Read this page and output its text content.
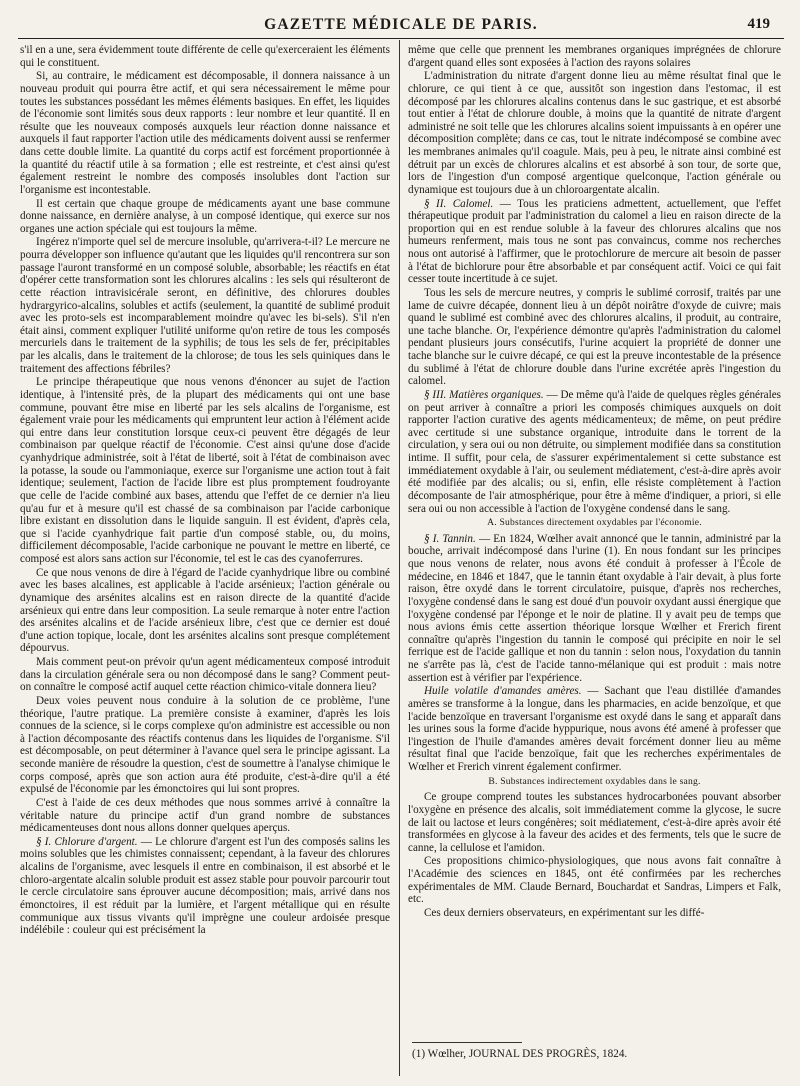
GAZETTE MÉDICALE DE PARIS.	419

s'il en a une, sera évidemment toute différente de celle qu'exerceraient les éléments qui le constituent.

Si, au contraire, le médicament est décomposable, il donnera naissance à un nouveau produit qui pourra être actif, et qui sera nécessairement le même pour toutes les substances possédant les mêmes éléments basiques. En effet, les liquides de l'économie sont limités sous deux rapports : leur nombre et leur quantité. Il en résulte que les nouveaux composés auxquels leur réaction donne naissance et auxquels il faut rapporter l'action utile des médicaments doivent aussi se renfermer dans cette double limite. La quantité du corps actif est forcément proportionnée à la quantité du réactif utile à sa formation ; elle est restreinte, et c'est ainsi qu'est également restreint le nombre des composés insolubles dont l'action sur l'organisme est incontestable.

Il est certain que chaque groupe de médicaments ayant une base commune donne naissance, en dernière analyse, à un composé identique, qui exerce sur nos organes une action spéciale qui est toujours la même.

Ingérez n'importe quel sel de mercure insoluble, qu'arrivera-t-il? Le mercure ne pourra développer son influence qu'autant que les liquides qu'il rencontrera sur son passage l'auront transformé en un composé soluble, absorbable; les réactifs en état d'opérer cette transformation sont les chlorures alcalins : les sels qui résulteront de cette réaction intravisicérale seront, en définitive, des chlorures doubles hydrargyrico-alcalins, solubles et actifs (seulement, la quantité de sublimé produit avec les proto-sels est incomparablement moindre qu'avec les bi-sels). S'il n'en était ainsi, comment expliquer l'utilité uniforme qu'on retire de tous les composés mercuriels dans le traitement de la syphilis; de tous les sels de fer, précipitables par les alcalis, dans le traitement de la chlorose; de tous les sels quiniques dans le traitement des affections fébriles?

Le principe thérapeutique que nous venons d'énoncer au sujet de l'action identique, à l'intensité près, de la plupart des médicaments qui ont une base commune, pouvant être mise en liberté par les sels alcalins de l'organisme, est également vraie pour les médicaments qui empruntent leur action à l'élément acide qui entre dans leur constitution lorsque ceux-ci peuvent être dégagés de leur combinaison par quelque réactif de l'économie. C'est ainsi qu'une dose d'acide cyanhydrique administrée, soit à l'état de liberté, soit à l'état de combinaison avec la potasse, la soude ou l'ammoniaque, exerce sur l'organisme une action tout à fait identique; seulement, l'action de l'acide libre est plus promptement foudroyante que celle de l'acide combiné aux bases, attendu que l'effet de ce dernier n'a lieu qu'au fur et à mesure qu'il est chassé de sa combinaison par l'acide carbonique libre existant en dissolution dans le liquide sanguin. Il est évident, d'après cela, que si l'acide cyanhydrique fait partie d'un composé stable, ou, du moins, difficilement décomposable, l'acide carbonique ne pouvant le mettre en liberté, ce composé est alors sans action sur l'économie, tel est le cas des cyanoferrures.

Ce que nous venons de dire à l'égard de l'acide cyanhydrique libre ou combiné avec les bases alcalines, est applicable à l'acide arsénieux; l'action générale ou dynamique des arsénites alcalins est en raison directe de la quantité d'acide arsénieux qui entre dans leur composition. La seule remarque à noter entre l'action des arsénites alcalins et de l'acide arsénieux libre, c'est que ce dernier est doué d'une action topique, locale, dont les arsénites alcalins sont presque complétement dépourvus.

Mais comment peut-on prévoir qu'un agent médicamenteux composé introduit dans la circulation générale sera ou non décomposé dans le sang? Comment peut-on connaître le composé actif auquel cette réaction chimico-vitale donnera lieu?

Deux voies peuvent nous conduire à la solution de ce problème, l'une théorique, l'autre pratique. La première consiste à examiner, d'après les lois connues de la science, si le corps complexe qu'on administre est accessible ou non à l'action décomposante des réactifs contenus dans les liquides de l'organisme. S'il est décomposable, on peut déterminer à l'avance quel sera le principe agissant. La seconde manière de résoudre la question, c'est de soumettre à l'analyse chimique le corps composé, après que son action aura été produite, c'est-à-dire qu'il a été expulsé de l'économie par les émonctoires qui lui sont propres.

C'est à l'aide de ces deux méthodes que nous sommes arrivé à connaître la véritable nature du principe actif d'un grand nombre de substances médicamenteuses dont nous allons donner quelques aperçus.

§ I. Chlorure d'argent. — Le chlorure d'argent est l'un des composés salins les moins solubles que les chimistes connaissent; cependant, à la faveur des chlorures alcalins de l'organisme, avec lesquels il entre en combinaison, il est absorbé et le chloro-argentate alcalin soluble produit est assez stable pour pouvoir parcourir tout le cercle circulatoire sans éprouver aucune décomposition; mais, arrivé dans nos émonctoires, il est réduit par la lumière, et l'argent métallique qui en résulte communique aux tissus vivants qu'il imprègne une couleur ardoisée presque indélébile : couleur qui est précisément la

même que celle que prennent les membranes organiques imprégnées de chlorure d'argent quand elles sont exposées à l'action des rayons solaires

L'administration du nitrate d'argent donne lieu au même résultat final que le chlorure, ce qui tient à ce que, aussitôt son ingestion dans l'estomac, il est décomposé par les chlorures alcalins contenus dans le suc gastrique, et est absorbé tout entier à l'état de chlorure double, à moins que la quantité de nitrate d'argent administré ne soit telle que les chlorures alcalins soient impuissants à en opérer une décomposition complète; dans ce cas, tout le nitrate indécomposé se combine avec les membranes animales qu'il coagule. Mais, peu à peu, le nitrate ainsi combiné est détruit par un excès de chlorures alcalins et est absorbé à son tour, de sorte que, lors de l'ingestion d'un composé argentique quelconque, l'action générale ou dynamique est toujours due à un chloroargentate alcalin.

§ II. Calomel. — Tous les praticiens admettent, actuellement, que l'effet thérapeutique produit par l'administration du calomel a lieu en raison directe de la proportion qui en est rendue soluble à la faveur des chlorures alcalins que nos humeurs renferment, mais tous ne sont pas convaincus, comme nos recherches nous ont autorisé à l'affirmer, que le protochlorure de mercure ait besoin de passer à l'état de bichlorure pour être absorbable et par conséquent actif. Voici ce qui fait cesser toute incertitude à ce sujet.

Tous les sels de mercure neutres, y compris le sublimé corrosif, traités par une lame de cuivre décapée, donnent lieu à un dépôt noirâtre d'oxyde de cuivre; mais quand le sublimé est combiné avec des chlorures alcalins, il produit, au contraire, une tache blanche. Or, l'expérience démontre qu'après l'administration du calomel pendant plusieurs jours consécutifs, l'urine acquiert la propriété de donner une tache blanche sur le cuivre décapé, ce qui est la preuve incontestable de la présence du sublimé à l'état de chlorure double dans l'urine excrétée après l'ingestion du calomel.

§ III. Matières organiques. — De même qu'à l'aide de quelques règles générales on peut arriver à connaître a priori les composés chimiques auxquels on doit rapporter l'action curative des agents médicamenteux; de même, on peut prédire avec certitude si une substance organique, introduite dans le torrent de la circulation, y sera oui ou non détruite, ou simplement modifiée dans sa constitution intime. Il suffit, pour cela, de s'assurer expérimentalement si cette substance est immédiatement oxydable à l'air, ou seulement médiatement, c'est-à-dire après avoir été modifiée par des alcalis; ou si, enfin, elle résiste complètement à l'action décomposante de l'air atmosphérique, pour être à même d'indiquer, a priori, si elle sera oui ou non accessible à l'action de l'oxygène condensé dans le sang.

A. Substances directement oxydables par l'économie.

§ I. Tannin. — En 1824, Wœlher avait annoncé que le tannin, administré par la bouche, arrivait indécomposé dans l'urine (1). En nous fondant sur les principes que nous venons de relater, nous avons été conduit à professer à l'École de médecine, en 1846 et 1847, que le tannin étant oxydable à l'air devait, à plus forte raison, être oxydé dans le torrent circulatoire, puisque, d'après nos recherches, l'oxygène condensé dans le sang est doué d'un pouvoir oxydant aussi énergique que l'oxygène condensé par l'éponge et le noir de platine. Il y avait peu de temps que nous avions émis cette assertion théorique lorsque Wœlher et Frerich firent connaître qu'après l'ingestion du tannin le composé qui précipite en noir le sel ferrique est de l'acide gallique et non du tannin : selon nous, l'oxydation du tannin ne s'arrête pas là, c'est de l'acide tanno-mélanique qui est produit : mais notre assertion est à vérifier par l'expérience.

Huile volatile d'amandes amères. — Sachant que l'eau distillée d'amandes amères se transforme à la longue, dans les pharmacies, en acide benzoïque, et que l'acide benzoïque en traversant l'organisme est oxydé dans le sang et apparaît dans les urines sous la forme d'acide hyppurique, nous avons été amené à professer que l'ingestion de l'huile d'amandes amères devait forcément donner lieu au même résultat final que l'acide benzoïque, fait que les recherches expérimentales de Wœlher et Frerich vinrent également confirmer.

B. Substances indirectement oxydables dans le sang.

Ce groupe comprend toutes les substances hydrocarbonées pouvant absorber l'oxygène en présence des alcalis, soit immédiatement comme la glycose, le sucre de lait ou lactose et leurs congénères; soit médiatement, c'est-à-dire après avoir été transformées en glycose à la faveur des acides et des ferments, tels que le sucre de canne, la cellulose et l'amidon.

Ces propositions chimico-physiologiques, que nous avons fait connaître à l'Académie des sciences en 1845, ont été confirmées par les recherches expérimentales de MM. Claude Bernard, Bouchardat et Sandras, Limpers et Falk, etc.

Ces deux derniers observateurs, en expérimentant sur les diffé-

(1) Wœlher, JOURNAL DES PROGRÈS, 1824.
